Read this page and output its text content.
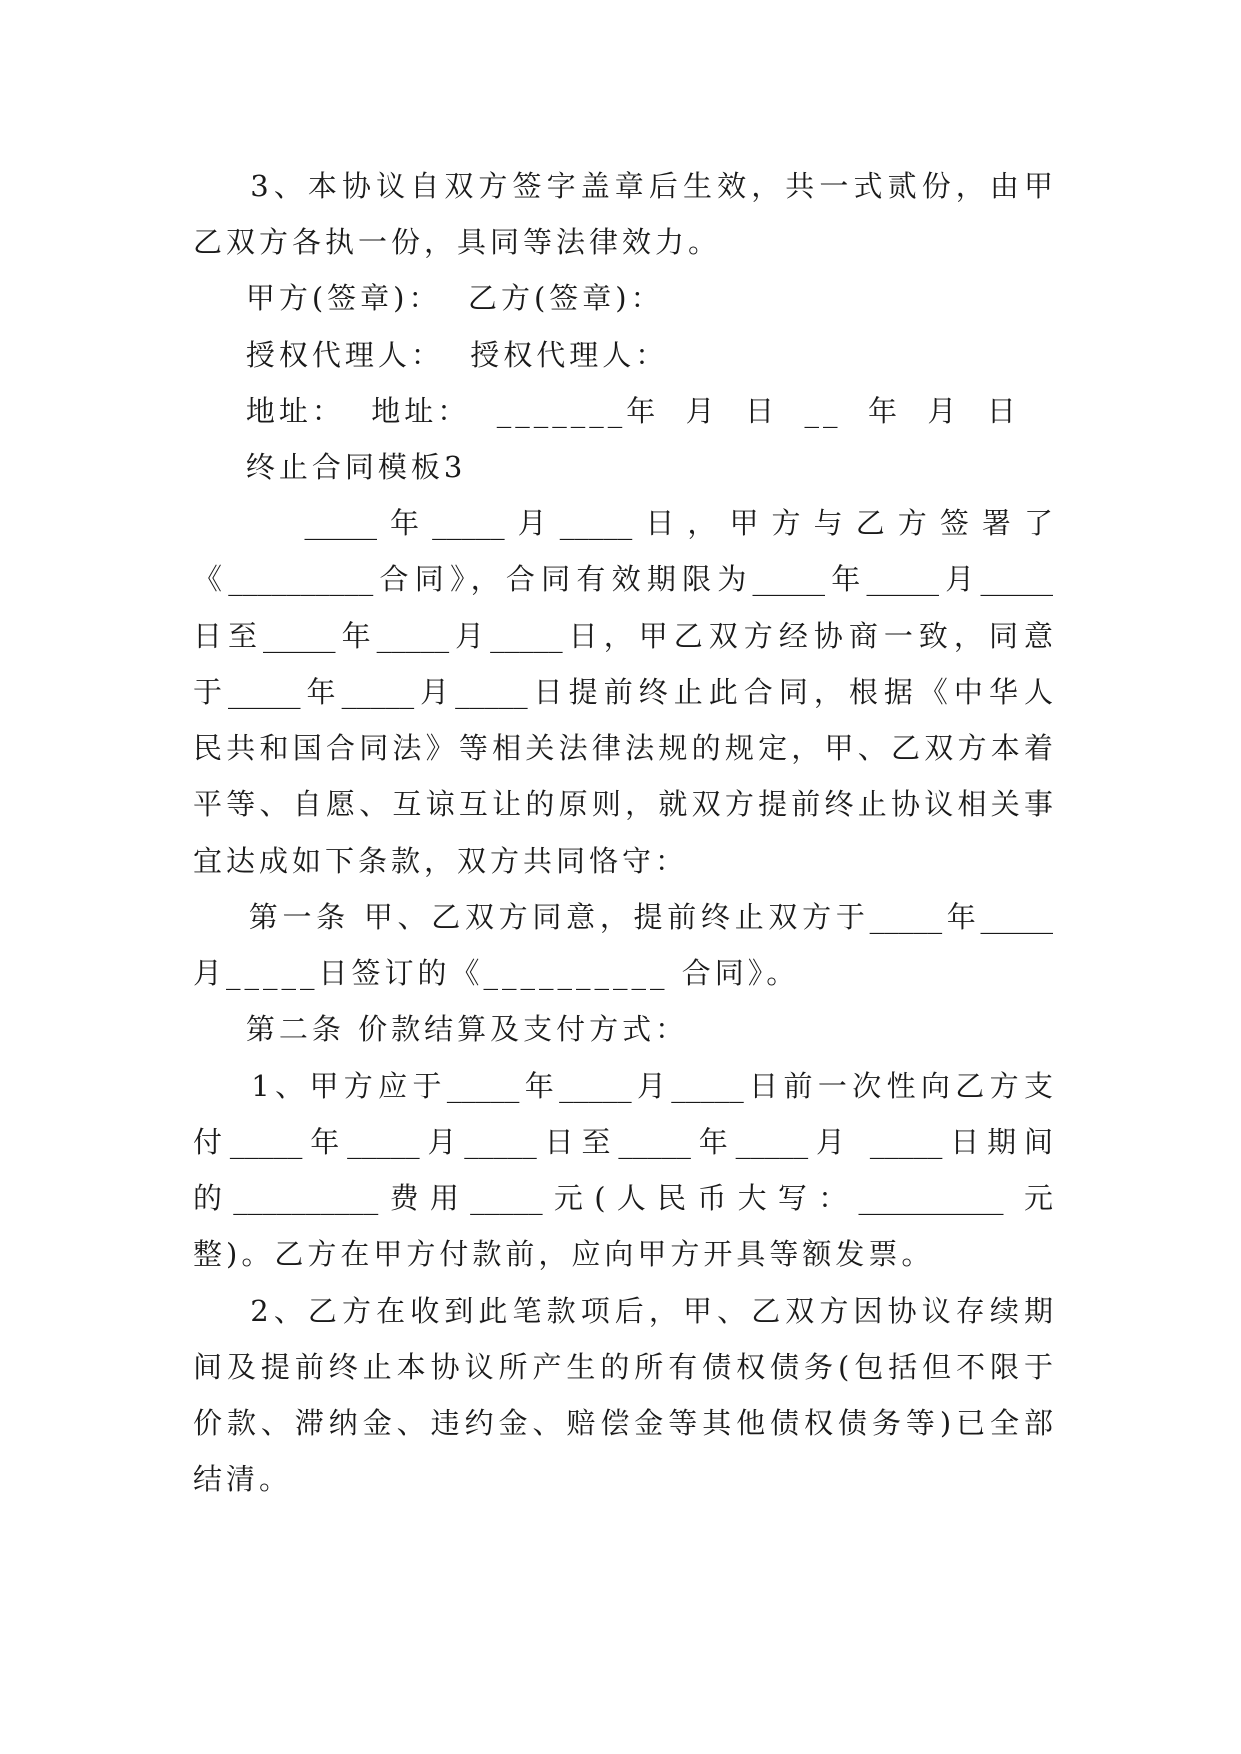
3、本协议自双方签字盖章后生效，共一式贰份，由甲
乙双方各执一份，具同等法律效力。
甲方(签章)：  乙方(签章)：
授权代理人：  授权代理人：
地址：  地址：  _______年  月  日  __  年  月  日
终止合同模板3
_____年_____月_____日，甲方与乙方签署了
《__________合同》，合同有效期限为_____年_____月_____
日至_____年_____月_____日，甲乙双方经协商一致，同意
于_____年_____月_____日提前终止此合同，根据《中华人
民共和国合同法》等相关法律法规的规定，甲、乙双方本着
平等、自愿、互谅互让的原则，就双方提前终止协议相关事
宜达成如下条款，双方共同恪守：
第一条 甲、乙双方同意，提前终止双方于_____年_____
月_____日签订的《__________ 合同》。
第二条 价款结算及支付方式：
1、甲方应于_____年_____月_____日前一次性向乙方支
付_____年_____月_____日至_____年_____月 _____日期间
的__________费用_____元(人民币大写：__________ 元
整)。乙方在甲方付款前，应向甲方开具等额发票。
2、乙方在收到此笔款项后，甲、乙双方因协议存续期
间及提前终止本协议所产生的所有债权债务(包括但不限于
价款、滞纳金、违约金、赔偿金等其他债权债务等)已全部
结清。
